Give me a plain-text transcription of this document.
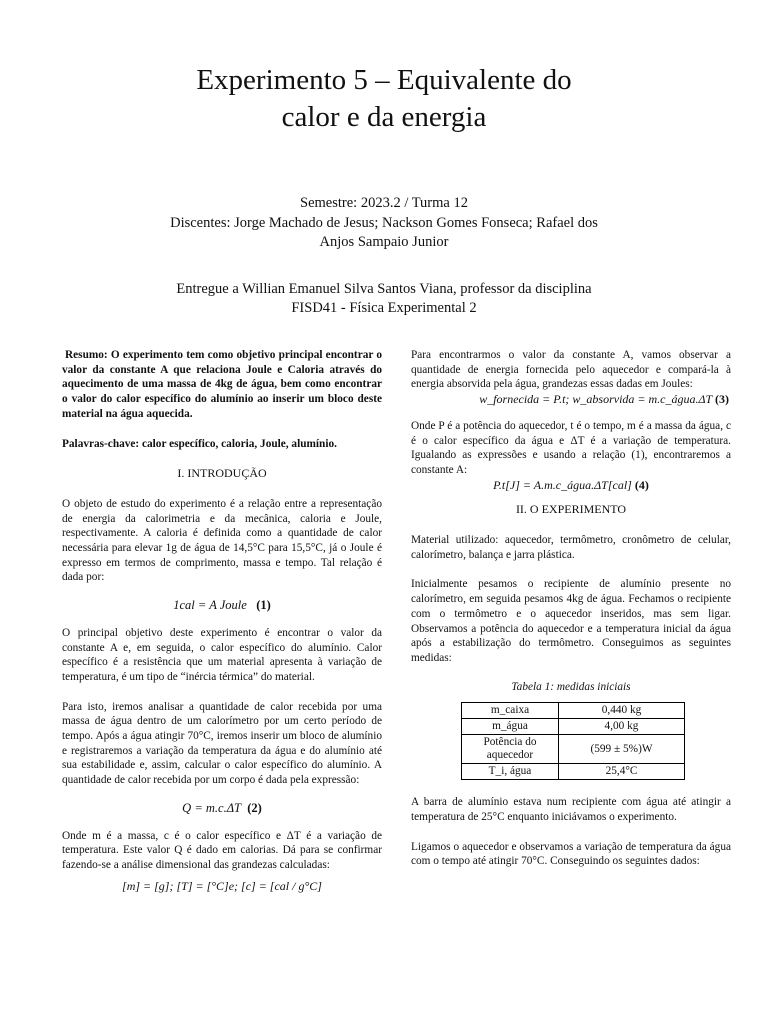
Experimento 5 – Equivalente do
calor e da energia
Semestre: 2023.2 / Turma 12
Discentes: Jorge Machado de Jesus; Nackson Gomes Fonseca; Rafael dos
Anjos Sampaio Junior
Entregue a Willian Emanuel Silva Santos Viana, professor da disciplina
FISD41 - Física Experimental 2

Resumo: O experimento tem como objetivo principal encontrar o valor da constante A que relaciona Joule e Caloria através do aquecimento de uma massa de 4kg de água, bem como encontrar o valor do calor específico do alumínio ao inserir um bloco deste material na água aquecida.

Palavras-chave: calor específico, caloria, Joule, alumínio.

I. INTRODUÇÃO

O objeto de estudo do experimento é a relação entre a representação de energia da calorimetria e da mecânica, caloria e Joule, respectivamente. A caloria é definida como a quantidade de calor necessária para elevar 1g de água de 14,5°C para 15,5°C, já o Joule é expresso em termos de comprimento, massa e tempo. Tal relação é dada por:

1cal = A Joule (1)

O principal objetivo deste experimento é encontrar o valor da constante A e, em seguida, o calor específico do alumínio. Calor específico é a resistência que um material apresenta à variação de temperatura, é um tipo de “inércia térmica” do material.

Para isto, iremos analisar a quantidade de calor recebida por uma massa de água dentro de um calorímetro por um certo período de tempo. Após a água atingir 70°C, iremos inserir um bloco de alumínio e registraremos a variação da temperatura da água e do alumínio até sua estabilidade e, assim, calcular o calor específico do alumínio. A quantidade de calor recebida por um corpo é dada pela expressão:

Q = m.c.ΔT (2)

Onde m é a massa, c é o calor específico e ΔT é a variação de temperatura. Este valor Q é dado em calorias. Dá para se confirmar fazendo-se a análise dimensional das grandezas calculadas:

[m] = [g]; [T] = [°C]e; [c] = [cal / g°C]

Para encontrarmos o valor da constante A, vamos observar a quantidade de energia fornecida pelo aquecedor e compará-la à energia absorvida pela água, grandezas essas dadas em Joules:

w_fornecida = P.t; w_absorvida = m.c_água.ΔT (3)

Onde P é a potência do aquecedor, t é o tempo, m é a massa da água, c é o calor específico da água e ΔT é a variação de temperatura. Igualando as expressões e usando a relação (1), encontraremos a constante A:

P.t[J] = A.m.c_água.ΔT[cal] (4)

II. O EXPERIMENTO

Material utilizado: aquecedor, termômetro, cronômetro de celular, calorímetro, balança e jarra plástica.

Inicialmente pesamos o recipiente de alumínio presente no calorímetro, em seguida pesamos 4kg de água. Fechamos o recipiente com o termômetro e o aquecedor inseridos, mas sem ligar. Observamos a potência do aquecedor e a temperatura inicial da água após a estabilização do termômetro. Conseguimos as seguintes medidas:

Tabela 1: medidas iniciais

m_caixa	0,440 kg
m_água	4,00 kg
Potência do aquecedor	(599 ± 5%)W
T_i, água	25,4°C

A barra de alumínio estava num recipiente com água até atingir a temperatura de 25°C enquanto iniciávamos o experimento.

Ligamos o aquecedor e observamos a variação de temperatura da água com o tempo até atingir 70°C. Conseguindo os seguintes dados:
